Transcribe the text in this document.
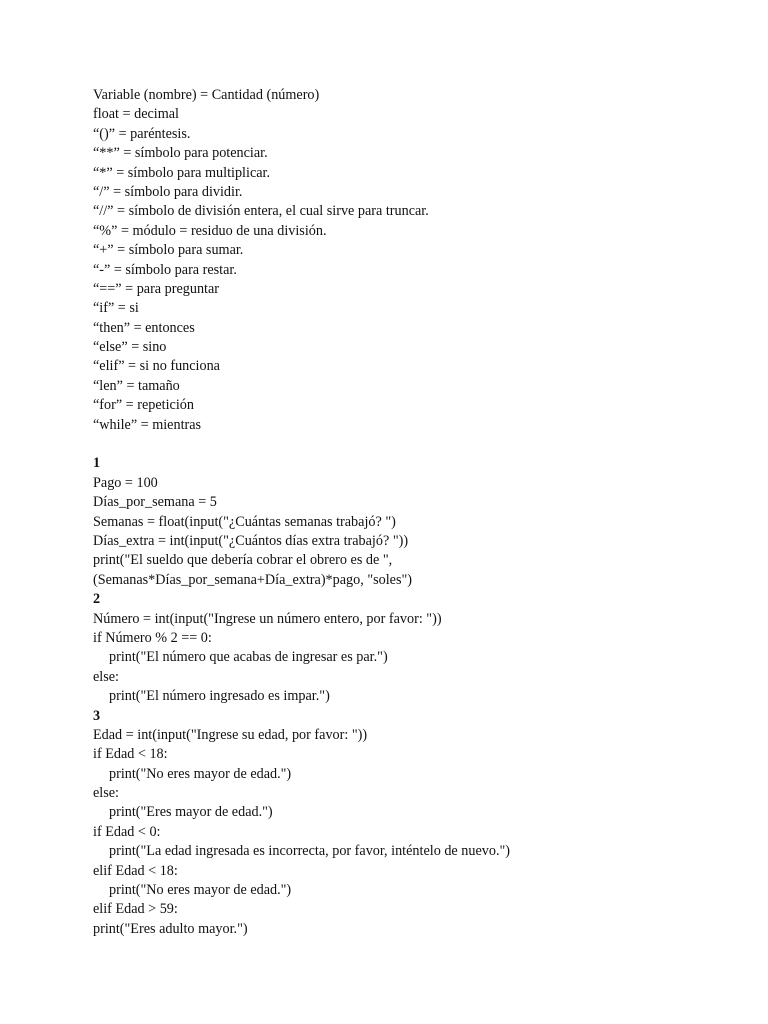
Variable (nombre) = Cantidad (número)
float = decimal
“()” = paréntesis.
“**” = símbolo para potenciar.
“*” = símbolo para multiplicar.
“/” = símbolo para dividir.
“//” = símbolo de división entera, el cual sirve para truncar.
“%” = módulo = residuo de una división.
“+” = símbolo para sumar.
“-” = símbolo para restar.
“==” = para preguntar
“if” = si
“then” = entonces
“else” = sino
“elif” = si no funciona
“len” = tamaño
“for” = repetición
“while” = mientras
1
Pago = 100
Días_por_semana = 5
Semanas = float(input("¿Cuántas semanas trabajó? ")
Días_extra = int(input("¿Cuántos días extra trabajó? "))
print("El sueldo que debería cobrar el obrero es de ",
(Semanas*Días_por_semana+Día_extra)*pago, "soles")
2
Número = int(input("Ingrese un número entero, por favor: "))
if Número % 2 == 0:
print("El número que acabas de ingresar es par.")
else:
print("El número ingresado es impar.")
3
Edad = int(input("Ingrese su edad, por favor: "))
if Edad < 18:
print("No eres mayor de edad.")
else:
print("Eres mayor de edad.")
if Edad < 0:
print("La edad ingresada es incorrecta, por favor, inténtelo de nuevo.")
elif Edad < 18:
print("No eres mayor de edad.")
elif Edad > 59:
print("Eres adulto mayor.")
